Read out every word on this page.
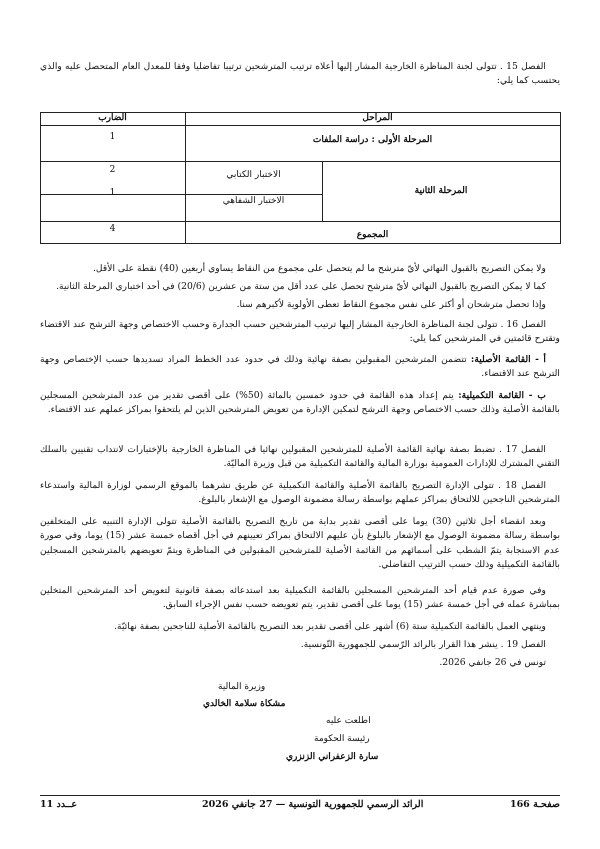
الفصل 15 . تتولى لجنة المناظرة الخارجية المشار إليها أعلاه ترتيب المترشحين ترتيبا تفاضليا وفقا للمعدل العام المتحصل عليه والذي يحتسب كما يلي:

المراحل
الضارب
المرحلة الأولى : دراسة الملفات
1
المرحلة الثانية
الاختبار الكتابي
2
الاختبار الشفاهي
1
المجموع
4

ولا يمكن التصريح بالقبول النهائي لأيّ مترشح ما لم يتحصل على مجموع من النقاط يساوي أربعين (40) نقطة على الأقل.

كما لا يمكن التصريح بالقبول النهائي لأيّ مترشح تحصل على عدد أقل من ستة من عشرين (20/6) في أحد اختباري المرحلة الثانية.

وإذا تحصل مترشحان أو أكثر على نفس مجموع النقاط تعطى الأولوية لأكبرهم سنا.

الفصل 16 . تتولى لجنة المناظرة الخارجية المشار إليها ترتيب المترشحين حسب الجدارة وحسب الاختصاص وجهة الترشح عند الاقتضاء وتقترح قائمتين في المترشحين كما يلي:

أ - القائمة الأصلية: تتضمن المترشحين المقبولين بصفة نهائية وذلك في حدود عدد الخطط المراد تسديدها حسب الإختصاص وجهة الترشح عند الاقتضاء.

ب - القائمة التكميلية: يتم إعداد هذه القائمة في حدود خمسين بالمائة (50%) على أقصى تقدير من عدد المترشحين المسجلين بالقائمة الأصلية وذلك حسب الاختصاص وجهة الترشح لتمكين الإدارة من تعويض المترشحين الذين لم يلتحقوا بمراكز عملهم عند الاقتضاء.

الفصل 17 . تضبط بصفة نهائية القائمة الأصلية للمترشحين المقبولين نهائيا في المناظرة الخارجية بالإختبارات لانتداب تقنيين بالسلك التقني المشترك للإدارات العمومية بوزارة المالية والقائمة التكميلية من قبل وزيرة الماليّة.

الفصل 18 . تتولى الإدارة التصريح بالقائمة الأصلية والقائمة التكميلية عن طريق نشرهما بالموقع الرسمي لوزارة المالية واستدعاء المترشحين الناجحين للالتحاق بمراكز عملهم بواسطة رسالة مضمونة الوصول مع الإشعار بالبلوغ.

وبعد انقضاء أجل ثلاثين (30) يوما على أقصى تقدير بداية من تاريخ التصريح بالقائمة الأصلية تتولى الإدارة التنبيه على المتخلفين بواسطة رسالة مضمونة الوصول مع الإشعار بالبلوغ بأن عليهم الالتحاق بمراكز تعيينهم في أجل أقصاه خمسة عشر (15) يوما، وفي صورة عدم الاستجابة يتمّ الشطب على أسمائهم من القائمة الأصلية للمترشحين المقبولين في المناظرة ويتمّ تعويضهم بالمترشحين المسجلين بالقائمة التكميلية وذلك حسب الترتيب التفاضلي.

وفي صورة عدم قيام أحد المترشحين المسجلين بالقائمة التكميلية بعد استدعائه بصفة قانونية لتعويض أحد المترشحين المتخلين بمباشرة عمله في أجل خمسة عشر (15) يوما على أقصى تقدير، يتم تعويضه حسب نفس الإجراء السابق.

وينتهي العمل بالقائمة التكميلية ستة (6) أشهر على أقصى تقدير بعد التصريح بالقائمة الأصلية للناجحين بصفة نهائيّة.

الفصل 19 . ينشر هذا القرار بالرائد الرّسمي للجمهورية التّونسية.

تونس في 26 جانفي 2026.

وزيرة المالية
مشكاة سلامة الخالدي
اطلعت عليه
رئيسة الحكومة
سارة الزعفراني الزنزري
صفحـة 166
الرائد الرسمي للجمهورية التونسية — 27 جانفي 2026
عــدد 11
